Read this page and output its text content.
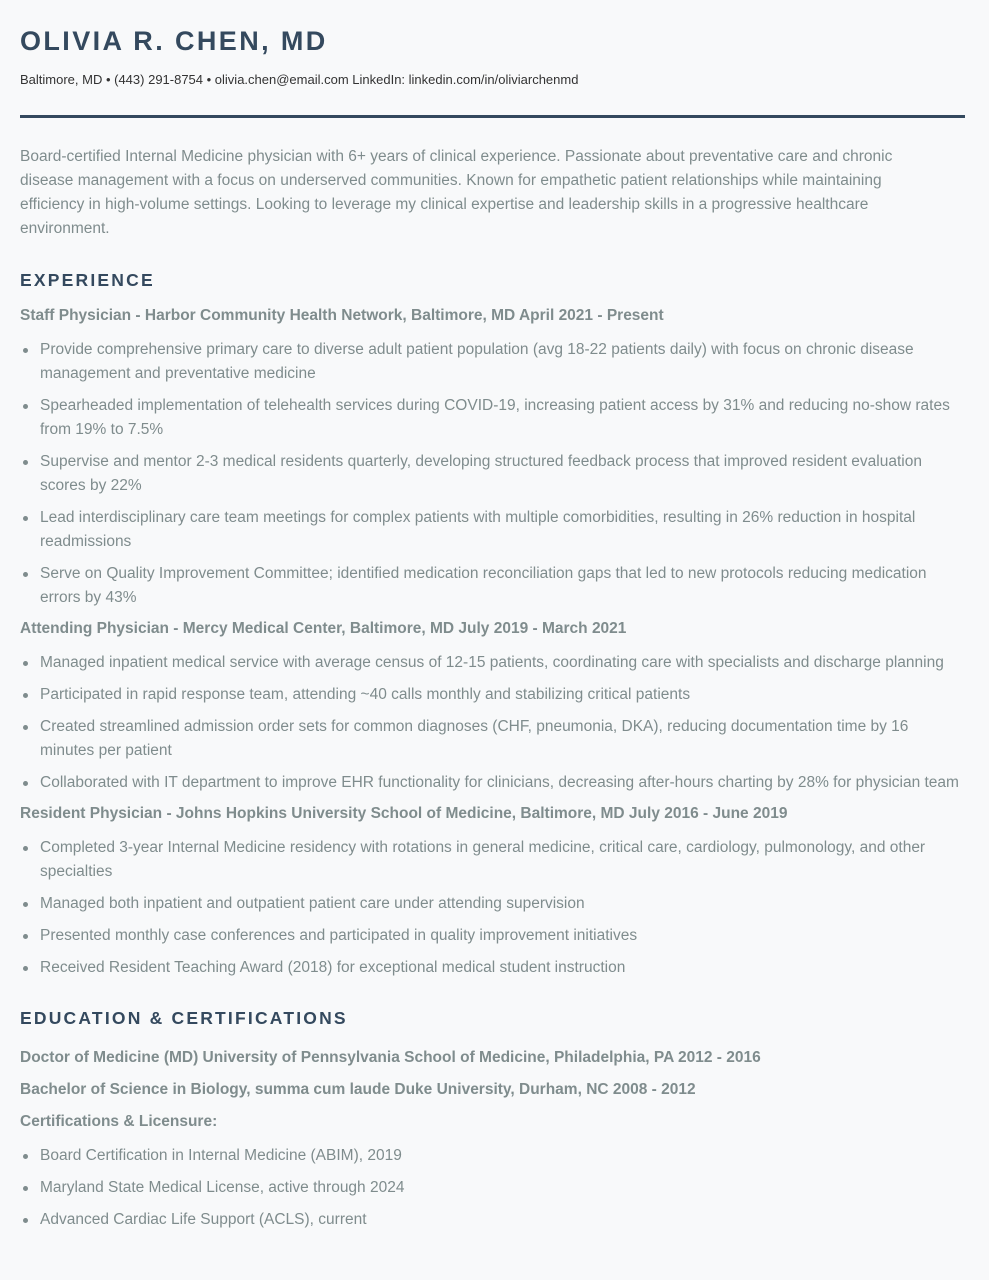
OLIVIA R. CHEN, MD
Baltimore, MD • (443) 291-8754 • olivia.chen@email.com LinkedIn: linkedin.com/in/oliviarchenmd
Board-certified Internal Medicine physician with 6+ years of clinical experience. Passionate about preventative care and chronic disease management with a focus on underserved communities. Known for empathetic patient relationships while maintaining efficiency in high-volume settings. Looking to leverage my clinical expertise and leadership skills in a progressive healthcare environment.
EXPERIENCE
Staff Physician - Harbor Community Health Network, Baltimore, MD April 2021 - Present
Provide comprehensive primary care to diverse adult patient population (avg 18-22 patients daily) with focus on chronic disease management and preventative medicine
Spearheaded implementation of telehealth services during COVID-19, increasing patient access by 31% and reducing no-show rates from 19% to 7.5%
Supervise and mentor 2-3 medical residents quarterly, developing structured feedback process that improved resident evaluation scores by 22%
Lead interdisciplinary care team meetings for complex patients with multiple comorbidities, resulting in 26% reduction in hospital readmissions
Serve on Quality Improvement Committee; identified medication reconciliation gaps that led to new protocols reducing medication errors by 43%
Attending Physician - Mercy Medical Center, Baltimore, MD July 2019 - March 2021
Managed inpatient medical service with average census of 12-15 patients, coordinating care with specialists and discharge planning
Participated in rapid response team, attending ~40 calls monthly and stabilizing critical patients
Created streamlined admission order sets for common diagnoses (CHF, pneumonia, DKA), reducing documentation time by 16 minutes per patient
Collaborated with IT department to improve EHR functionality for clinicians, decreasing after-hours charting by 28% for physician team
Resident Physician - Johns Hopkins University School of Medicine, Baltimore, MD July 2016 - June 2019
Completed 3-year Internal Medicine residency with rotations in general medicine, critical care, cardiology, pulmonology, and other specialties
Managed both inpatient and outpatient patient care under attending supervision
Presented monthly case conferences and participated in quality improvement initiatives
Received Resident Teaching Award (2018) for exceptional medical student instruction
EDUCATION & CERTIFICATIONS
Doctor of Medicine (MD) University of Pennsylvania School of Medicine, Philadelphia, PA 2012 - 2016
Bachelor of Science in Biology, summa cum laude Duke University, Durham, NC 2008 - 2012
Certifications & Licensure:
Board Certification in Internal Medicine (ABIM), 2019
Maryland State Medical License, active through 2024
Advanced Cardiac Life Support (ACLS), current
